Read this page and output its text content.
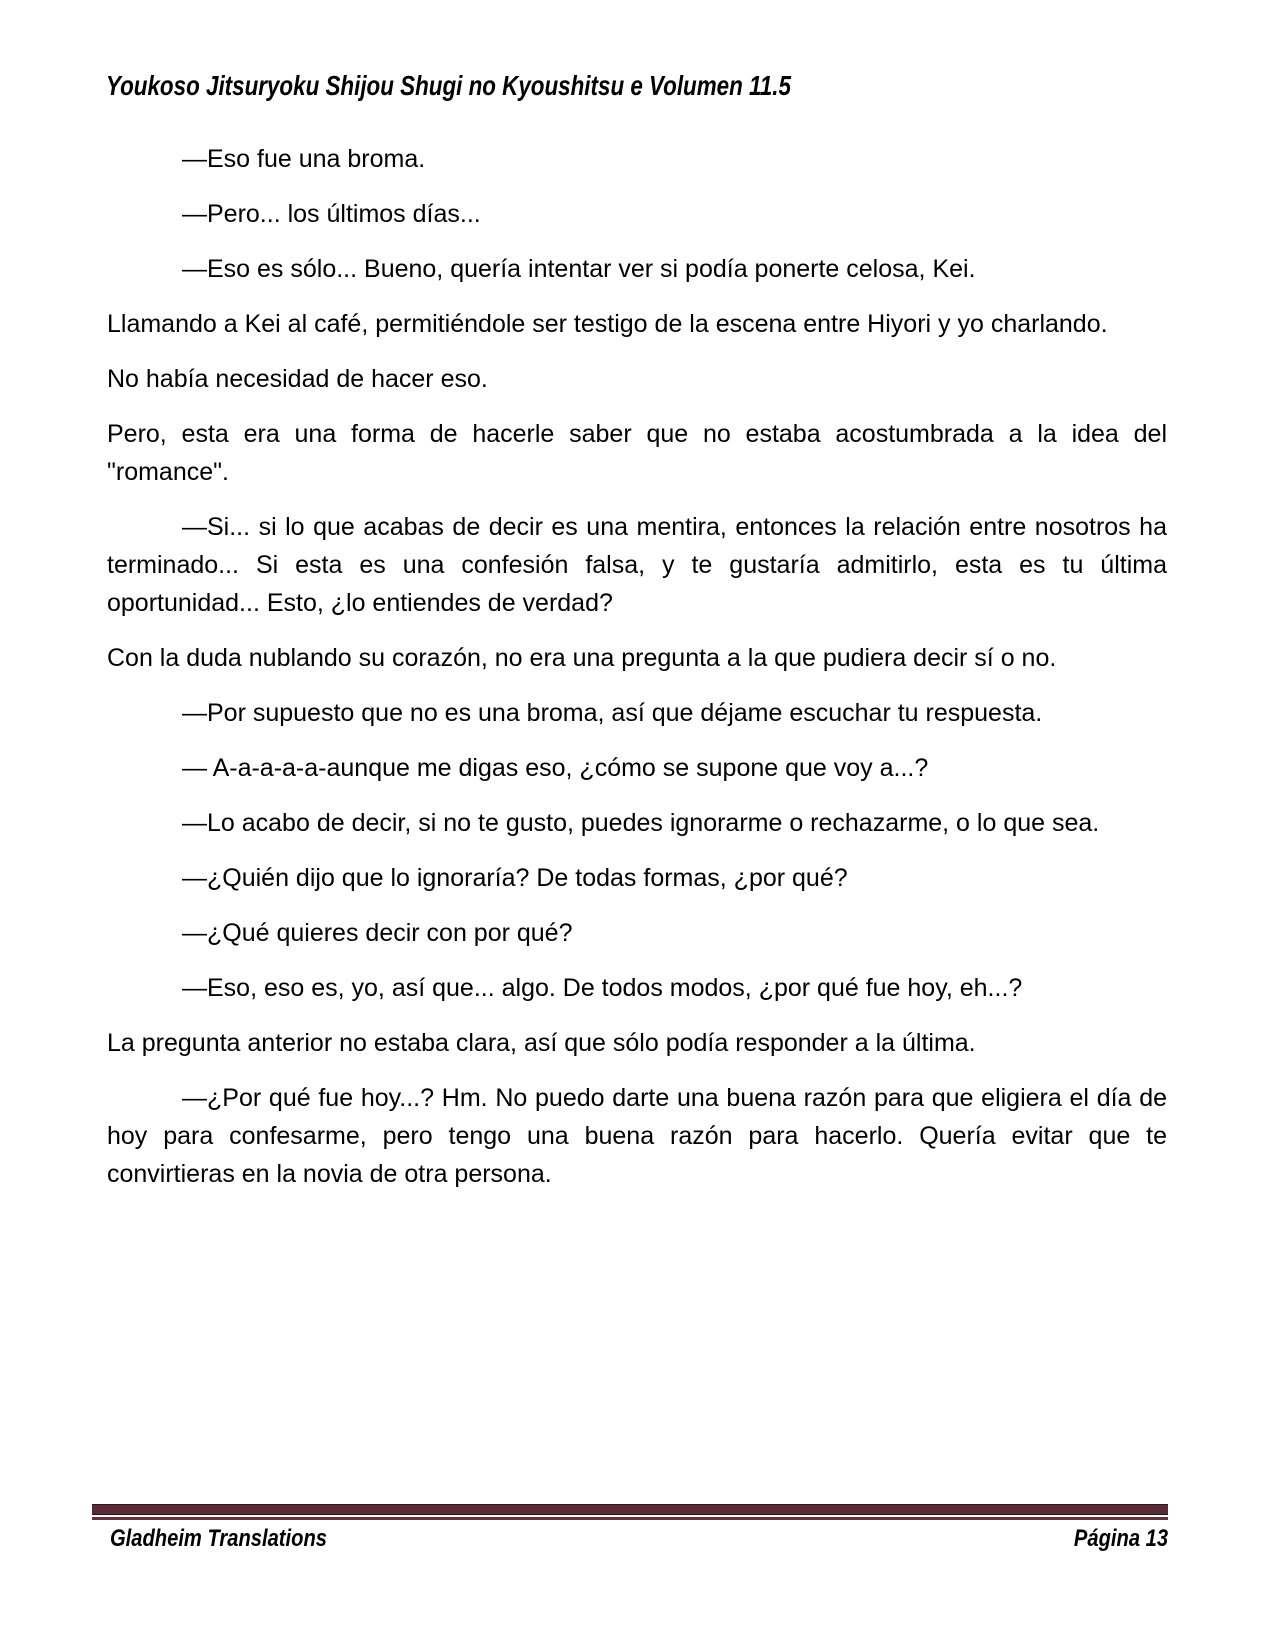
Youkoso Jitsuryoku Shijou Shugi no Kyoushitsu e Volumen 11.5

—Eso fue una broma.

—Pero... los últimos días...

—Eso es sólo... Bueno, quería intentar ver si podía ponerte celosa, Kei.

Llamando a Kei al café, permitiéndole ser testigo de la escena entre Hiyori y yo charlando.

No había necesidad de hacer eso.

Pero, esta era una forma de hacerle saber que no estaba acostumbrada a la idea del "romance".

—Si... si lo que acabas de decir es una mentira, entonces la relación entre nosotros ha terminado... Si esta es una confesión falsa, y te gustaría admitirlo, esta es tu última oportunidad... Esto, ¿lo entiendes de verdad?

Con la duda nublando su corazón, no era una pregunta a la que pudiera decir sí o no.

—Por supuesto que no es una broma, así que déjame escuchar tu respuesta.

— A-a-a-a-a-aunque me digas eso, ¿cómo se supone que voy a...?

—Lo acabo de decir, si no te gusto, puedes ignorarme o rechazarme, o lo que sea.

—¿Quién dijo que lo ignoraría? De todas formas, ¿por qué?

—¿Qué quieres decir con por qué?

—Eso, eso es, yo, así que... algo. De todos modos, ¿por qué fue hoy, eh...?

La pregunta anterior no estaba clara, así que sólo podía responder a la última.

—¿Por qué fue hoy...? Hm. No puedo darte una buena razón para que eligiera el día de hoy para confesarme, pero tengo una buena razón para hacerlo. Quería evitar que te convirtieras en la novia de otra persona.

Gladheim Translations	Página 13
